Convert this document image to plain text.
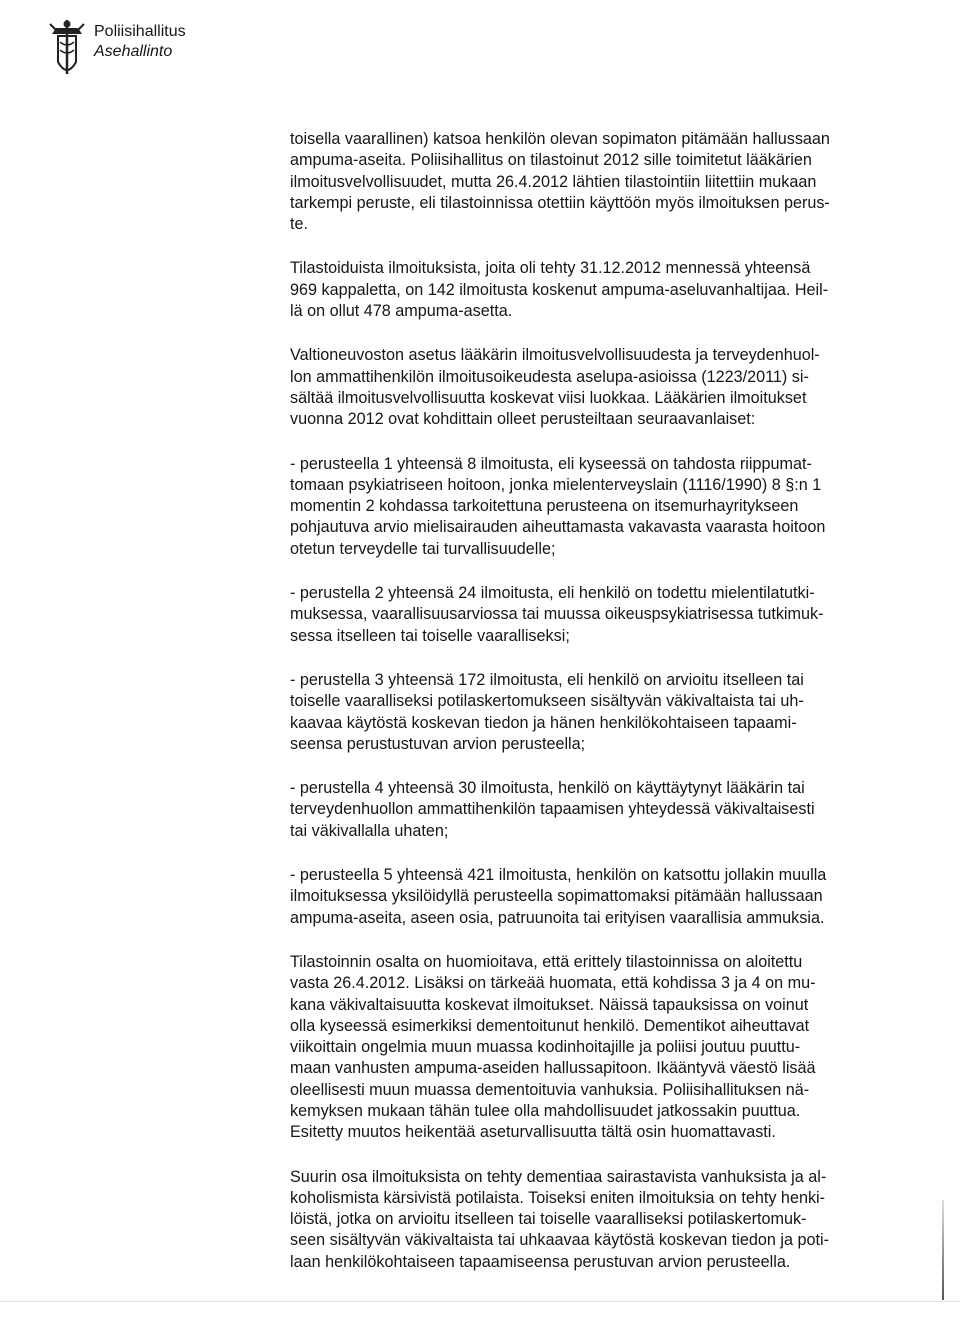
Poliisihallitus
Asehallinto

toisella vaarallinen) katsoa henkilön olevan sopimaton pitämään hallussaan
ampuma-aseita. Poliisihallitus on tilastoinut 2012 sille toimitetut lääkärien
ilmoitusvelvollisuudet, mutta 26.4.2012 lähtien tilastointiin liitettiin mukaan
tarkempi peruste, eli tilastoinnissa otettiin käyttöön myös ilmoituksen perus-
te.

Tilastoiduista ilmoituksista, joita oli tehty 31.12.2012 mennessä yhteensä
969 kappaletta, on 142 ilmoitusta koskenut ampuma-aseluvanhaltijaa. Heil-
lä on ollut 478 ampuma-asetta.

Valtioneuvoston asetus lääkärin ilmoitusvelvollisuudesta ja terveydenhuol-
lon ammattihenkilön ilmoitusoikeudesta aselupa-asioissa (1223/2011) si-
sältää ilmoitusvelvollisuutta koskevat viisi luokkaa. Lääkärien ilmoitukset
vuonna 2012 ovat kohdittain olleet perusteiltaan seuraavanlaiset:

- perusteella 1 yhteensä 8 ilmoitusta, eli kyseessä on tahdosta riippumat-
tomaan psykiatriseen hoitoon, jonka mielenterveyslain (1116/1990) 8 §:n 1
momentin 2 kohdassa tarkoitettuna perusteena on itsemurhayritykseen
pohjautuva arvio mielisairauden aiheuttamasta vakavasta vaarasta hoitoon
otetun terveydelle tai turvallisuudelle;

- perustella 2 yhteensä 24 ilmoitusta, eli henkilö on todettu mielentilatutki-
muksessa, vaarallisuusarviossa tai muussa oikeuspsykiatrisessa tutkimuk-
sessa itselleen tai toiselle vaaralliseksi;

- perustella 3 yhteensä 172 ilmoitusta, eli henkilö on arvioitu itselleen tai
toiselle vaaralliseksi potilaskertomukseen sisältyvän väkivaltaista tai uh-
kaavaa käytöstä koskevan tiedon ja hänen henkilökohtaiseen tapaami-
seensa perustustuvan arvion perusteella;

- perustella 4 yhteensä 30 ilmoitusta, henkilö on käyttäytynyt lääkärin tai
terveydenhuollon ammattihenkilön tapaamisen yhteydessä väkivaltaisesti
tai väkivallalla uhaten;

- perusteella 5 yhteensä 421 ilmoitusta, henkilön on katsottu jollakin muulla
ilmoituksessa yksilöidyllä perusteella sopimattomaksi pitämään hallussaan
ampuma-aseita, aseen osia, patruunoita tai erityisen vaarallisia ammuksia.

Tilastoinnin osalta on huomioitava, että erittely tilastoinnissa on aloitettu
vasta 26.4.2012. Lisäksi on tärkeää huomata, että kohdissa 3 ja 4 on mu-
kana väkivaltaisuutta koskevat ilmoitukset. Näissä tapauksissa on voinut
olla kyseessä esimerkiksi dementoitunut henkilö. Dementikot aiheuttavat
viikoittain ongelmia muun muassa kodinhoitajille ja poliisi joutuu puuttu-
maan vanhusten ampuma-aseiden hallussapitoon. Ikääntyvä väestö lisää
oleellisesti muun muassa dementoituvia vanhuksia. Poliisihallituksen nä-
kemyksen mukaan tähän tulee olla mahdollisuudet jatkossakin puuttua.
Esitetty muutos heikentää aseturvallisuutta tältä osin huomattavasti.

Suurin osa ilmoituksista on tehty dementiaa sairastavista vanhuksista ja al-
koholismista kärsivistä potilaista. Toiseksi eniten ilmoituksia on tehty henki-
löistä, jotka on arvioitu itselleen tai toiselle vaaralliseksi potilaskertomuk-
seen sisältyvän väkivaltaista tai uhkaavaa käytöstä koskevan tiedon ja poti-
laan henkilökohtaiseen tapaamiseensa perustuvan arvion perusteella.
